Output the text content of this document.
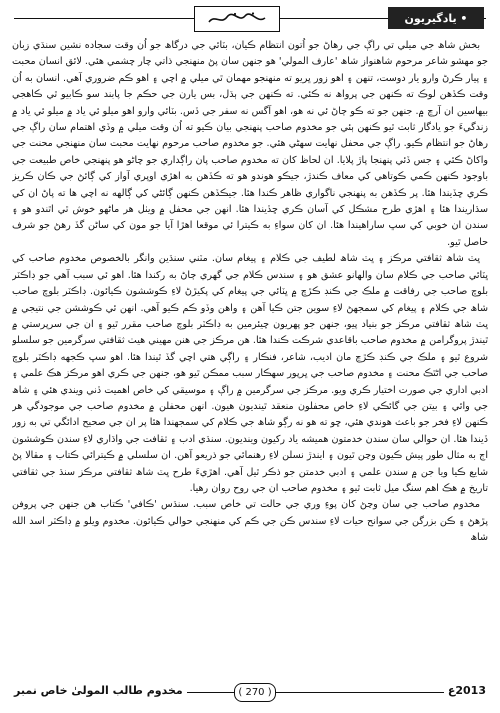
• يادگيريون

بخش شاھ جي ميلي تي راڳ جي رهاڻ جو اُتون انتظام ڪيان، بٽائي جي درگاھ جو اُن وقت سجاده نشين سنڌي زبان جو مهشو شاعر مرحوم شاهنواز شاھ 'عارف المولي' هو جنهن سان پڻ منهنجي ذاتي چار چشمي هئي. لائق انسان محبت ۽ پيار ڪرڻ وارو يار دوست، تنهن ۽ اهو زور ڀريو ته منهنجو مهمان ٿي ميلي ۾ اچي ۽ اهو ڪم ضروري آهي. انسان به اُن وقت ڪڏهن لوڪ ته ڪنهن جي پرواھ نه ڪئي. ته ڪنهن جي ٻڌل، بس يارن جي حڪم جا پابند سو ڪابيو ٿي ڪاهجي بيهاسين ان آرڇ ۾. جنهن جو ته ڪو ڄاڻ ئي نه هو، اهو آگس نه سفر جي ڏس. بٽائي وارو اهو ميلو ئي ياد ۾ ميلو ئي ياد ۾ زندگيءَ جو يادگار ثابت ٿيو ڪنهن ٻئي جو مخدوم صاحب پنهنجي بيان ڪيو ته اُن وقت ميلي ۾ وڏي اهتمام سان راڳ جي رهاڻ جو انتظام ڪيو. راڳ جي محفل نهايت سهڻي هئي. جو مخدوم صاحب مرحوم نهايت محبت سان منهنجي محنت جي واکاڻ ڪئي ۽ جس ڏئي پنهنجا پاڙ پلايا. ان لحاظ کان ته مخدوم صاحب پان راڳداري جو چاڻو هو پنهنجي خاص طبيعت جي باوجود ڪنهن ڪمي ڪوتاهي کي معاف ڪندڙ، جيڪو هوندو هو ته ڪڏهن به اهڙي اوپري آواز کي ڳائڻ جي ڪان ڪريز ڪري ڇڏيندا هئا. پر ڪڏهن به پنهنجي ناگواري ظاهر ڪندا هئا. جيڪڏهن ڪنهن ڳائڻي کي ڳالهه نه اچي ها ته پاڻ ان کي سڌاريندا هئا ۽ اهڙي طرح مشڪل کي آسان ڪري ڇڏيندا هئا. انهن جي محفل ۾ ويٺل هر ماڻهو خوش ٿي اٿندو هو ۽ سندن ان خوبي کي سڀ ساراهيندا هئا. ان کان سواءِ به ڪيترا ئي موقعا اهڙا آيا جو مون کي ساڻن گڏ رهڻ جو شرف حاصل ٿيو.

ڀٽ شاھ ثقافتي مرڪز ۽ ڀٽ شاھ لطيف جي ڪلام ۽ پيغام سان. مٽني سنڌين وانگر بالخصوص مخدوم صاحب کي ڀٽائي صاحب جي ڪلام سان والهانو عشق هو ۽ سندس ڪلام جي گهري ڄاڻ به رکندا هئا. اهو ئي سبب آهي جو ڊاڪٽر بلوچ صاحب جي رفاقت ۾ ملڪ جي ڪنڊ ڪڙڇ ۾ ڀٽائي جي پيغام کي پکيڙڻ لاءِ ڪوششون ڪيائون. ڊاڪٽر بلوچ صاحب شاھ جي ڪلام ۽ پيغام کي سمجهڻ لاءِ سوين جتن ڪيا آهن ۽ واهن وڏو ڪم ڪيو آهي. انهن ئي ڪوششن جي نتيجي ۾ ڀٽ شاھ ثقافتي مرڪز جو بنياد پيو، جنهن جو پهريون چيئرمين به ڊاڪٽر بلوچ صاحب مقرر ٿيو ۽ ان جي سرپرستي ۾ ٿيندڙ پروگرامن ۾ مخدوم صاحب باقاعدي شرڪت ڪندا هئا. هن مرڪز جي هنن مهيني هيٺ ثقافتي سرگرمين جو سلسلو شروع ٿيو ۽ ملڪ جي ڪنڊ ڪڙڇ مان اديب، شاعر، فنڪار ۽ راڳي هتي اچي گڏ ٿيندا هئا. اهو سڀ ڪجهه ڊاڪٽر بلوچ صاحب جي اڻٿڪ محنت ۽ مخدوم صاحب جي ڀرپور سهڪار سبب ممڪن ٿيو هو، جنهن جي ڪري اهو مرڪز هڪ علمي ۽ ادبي اداري جي صورت اختيار ڪري ويو. مرڪز جي سرگرمين ۾ راڳ ۽ موسيقي کي خاص اهميت ڏني ويندي هئي ۽ شاھ جي وائي ۽ بيتن جي گائڪي لاءِ خاص محفلون منعقد ٿينديون هيون. انهن محفلن ۾ مخدوم صاحب جي موجودگي هر ڪنهن لاءِ فخر جو باعث هوندي هئي، ڇو ته هو نه رڳو شاھ جي ڪلام کي سمجهندا هئا پر ان جي صحيح ادائگي تي به زور ڏيندا هئا. ان حوالي سان سندن خدمتون هميشه ياد رکيون وينديون. سنڌي ادب ۽ ثقافت جي واڌاري لاءِ سندن ڪوششون اڄ به مثال طور پيش ڪيون وڃن ٿيون ۽ ايندڙ نسلن لاءِ رهنمائي جو ذريعو آهن. ان سلسلي ۾ ڪيترائي ڪتاب ۽ مقالا پڻ شايع ڪيا ويا جن ۾ سندن علمي ۽ ادبي خدمتن جو ذڪر ٿيل آهي. اهڙيءَ طرح ڀٽ شاھ ثقافتي مرڪز سنڌ جي ثقافتي تاريخ ۾ هڪ اهم سنگ ميل ثابت ٿيو ۽ مخدوم صاحب ان جي روح روان رهيا.

مخدوم صاحب جي سان وڃڻ کان پوءِ وري جي حالت تي خاص سبب. سنڌس 'ڪافي' ڪتاب هن جنهن جي پروفن پڙهڻ ۽ ڪن بزرگن جي سوانح حيات لاءِ سندس ڪن جي ڪم کي منهنجي حوالي ڪيائون. مخدوم ويلو ۾ ڊاڪٽر اسد الله شاھ

مخدوم طالب المولىٰ خاص نمبر	( 270 )	2013ع
